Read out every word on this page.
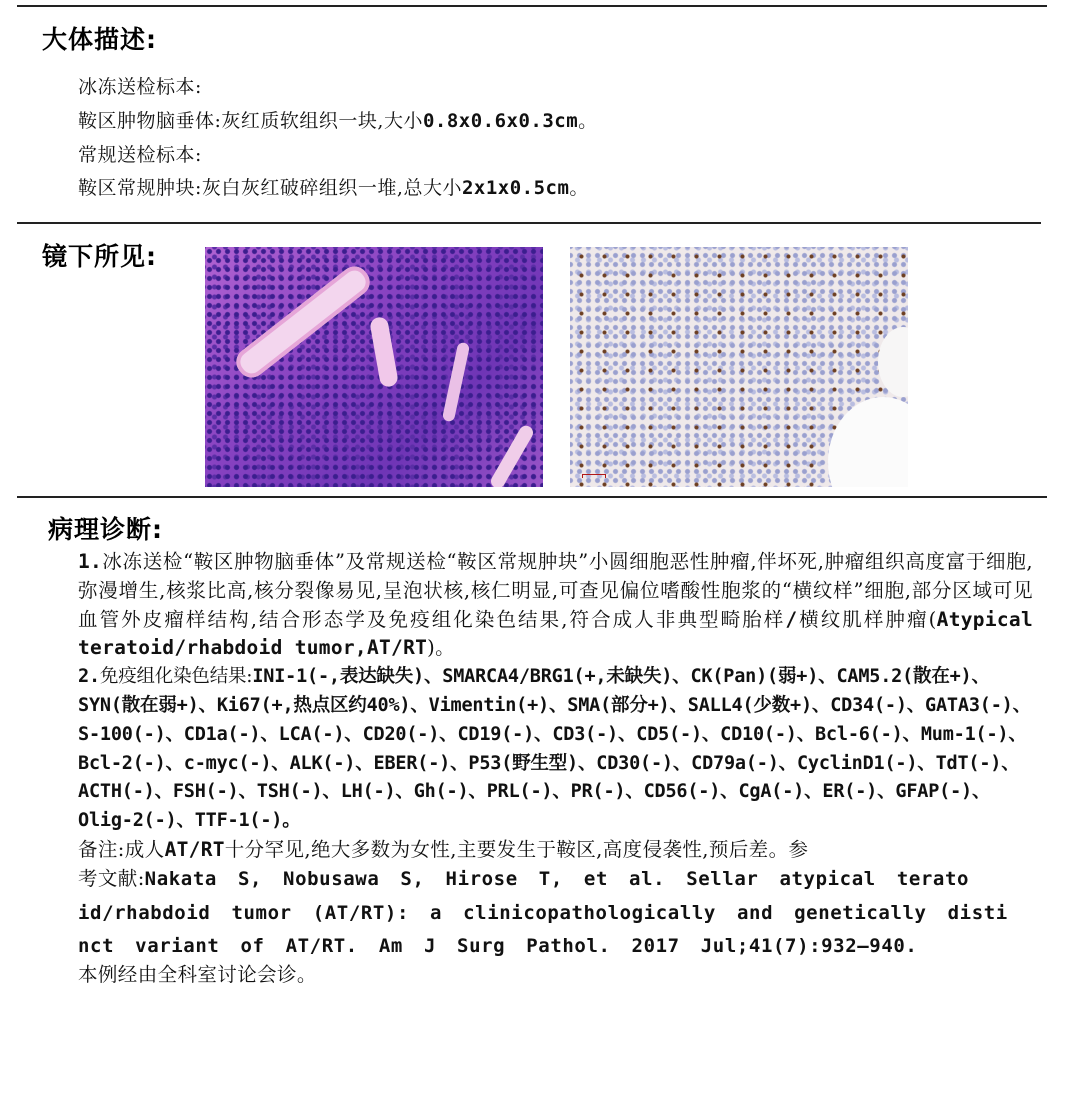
大体描述:
冰冻送检标本:
鞍区肿物脑垂体:灰红质软组织一块,大小0.8x0.6x0.3cm。
常规送检标本:
鞍区常规肿块:灰白灰红破碎组织一堆,总大小2x1x0.5cm。
镜下所见:
病理诊断:

1.冰冻送检“鞍区肿物脑垂体”及常规送检“鞍区常规肿块”小圆细胞恶性肿瘤,伴坏死,肿瘤组织高度富于细胞,弥漫增生,核浆比高,核分裂像易见,呈泡状核,核仁明显,可查见偏位嗜酸性胞浆的“横纹样”细胞,部分区域可见血管外皮瘤样结构,结合形态学及免疫组化染色结果,符合成人非典型畸胎样/横纹肌样肿瘤(Atypical teratoid/rhabdoid tumor,AT/RT)。

2.免疫组化染色结果:INI-1(-,表达缺失)、SMARCA4/BRG1(+,未缺失)、CK(Pan)(弱+)、CAM5.2(散在+)、SYN(散在弱+)、Ki67(+,热点区约40%)、Vimentin(+)、SMA(部分+)、SALL4(少数+)、CD34(-)、GATA3(-)、S-100(-)、CD1a(-)、LCA(-)、CD20(-)、CD19(-)、CD3(-)、CD5(-)、CD10(-)、Bcl-6(-)、Mum-1(-)、Bcl-2(-)、c-myc(-)、ALK(-)、EBER(-)、P53(野生型)、CD30(-)、CD79a(-)、CyclinD1(-)、TdT(-)、ACTH(-)、FSH(-)、TSH(-)、LH(-)、Gh(-)、PRL(-)、PR(-)、CD56(-)、CgA(-)、ER(-)、GFAP(-)、Olig-2(-)、TTF-1(-)。

备注:成人AT/RT十分罕见,绝大多数为女性,主要发生于鞍区,高度侵袭性,预后差。参

考文献:Nakata S, Nobusawa S, Hirose T, et al. Sellar atypical terato

id/rhabdoid tumor (AT/RT): a clinicopathologically and genetically disti

nct variant of AT/RT. Am J Surg Pathol. 2017 Jul;41(7):932–940.

本例经由全科室讨论会诊。
